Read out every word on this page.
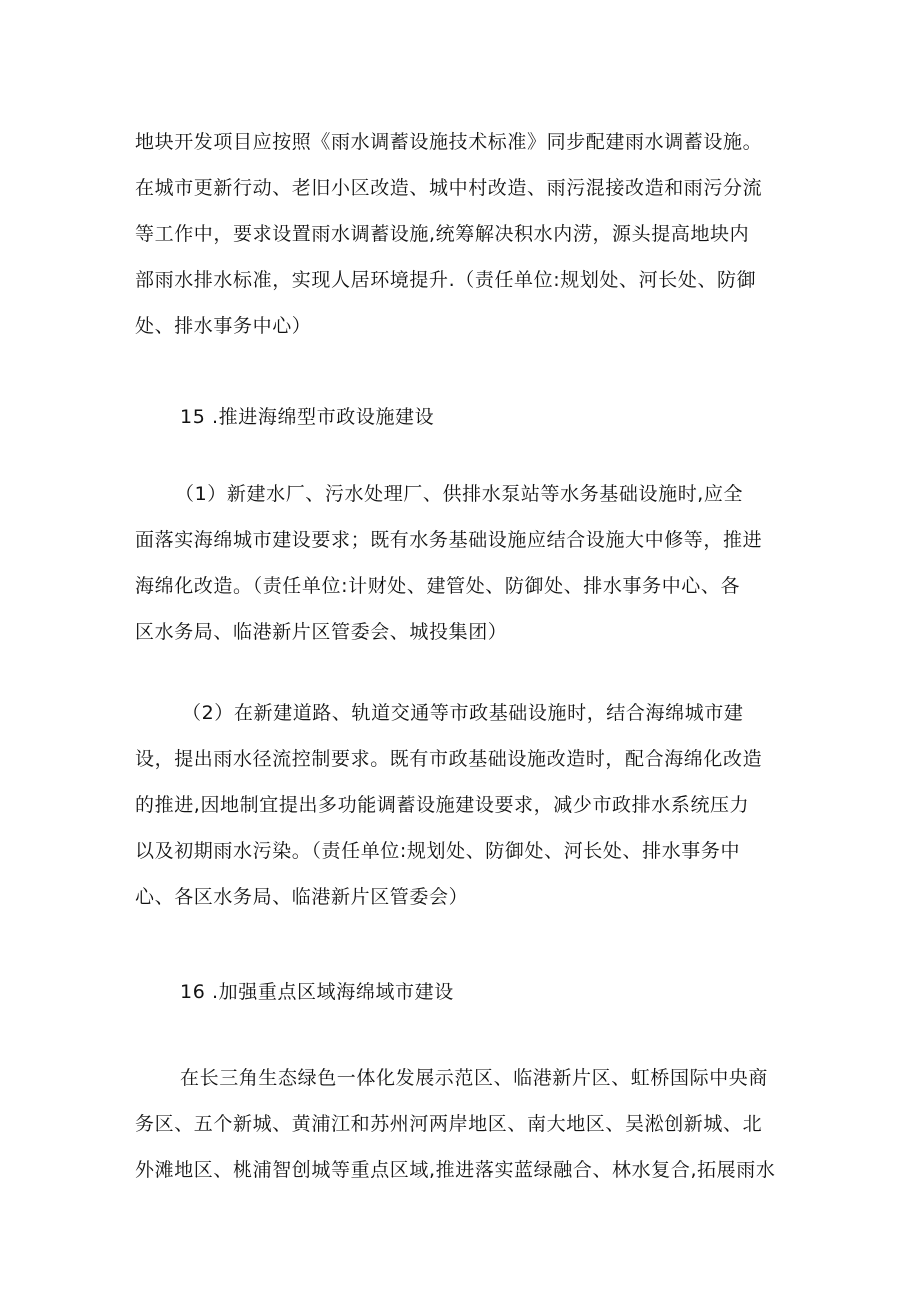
地块开发项目应按照《雨水调蓄设施技术标准》同步配建雨水调蓄设施。
在城市更新行动、老旧小区改造、城中村改造、雨污混接改造和雨污分流
等工作中，要求设置雨水调蓄设施,统筹解决积水内涝，源头提高地块内
部雨水排水标准，实现人居环境提升.（责任单位:规划处、河长处、防御
处、排水事务中心）
15 .推进海绵型市政设施建设
（1）新建水厂、污水处理厂、供排水泵站等水务基础设施时,应全
面落实海绵城市建设要求；既有水务基础设施应结合设施大中修等，推进
海绵化改造。（责任单位:计财处、建管处、防御处、排水事务中心、各
区水务局、临港新片区管委会、城投集团）
（2）在新建道路、轨道交通等市政基础设施时，结合海绵城市建
设，提出雨水径流控制要求。既有市政基础设施改造时，配合海绵化改造
的推进,因地制宜提出多功能调蓄设施建设要求，减少市政排水系统压力
以及初期雨水污染。（责任单位:规划处、防御处、河长处、排水事务中
心、各区水务局、临港新片区管委会）
16 .加强重点区域海绵域市建设
在长三角生态绿色一体化发展示范区、临港新片区、虹桥国际中央商
务区、五个新城、黄浦江和苏州河两岸地区、南大地区、吴淞创新城、北
外滩地区、桃浦智创城等重点区域,推进落实蓝绿融合、林水复合,拓展雨水
